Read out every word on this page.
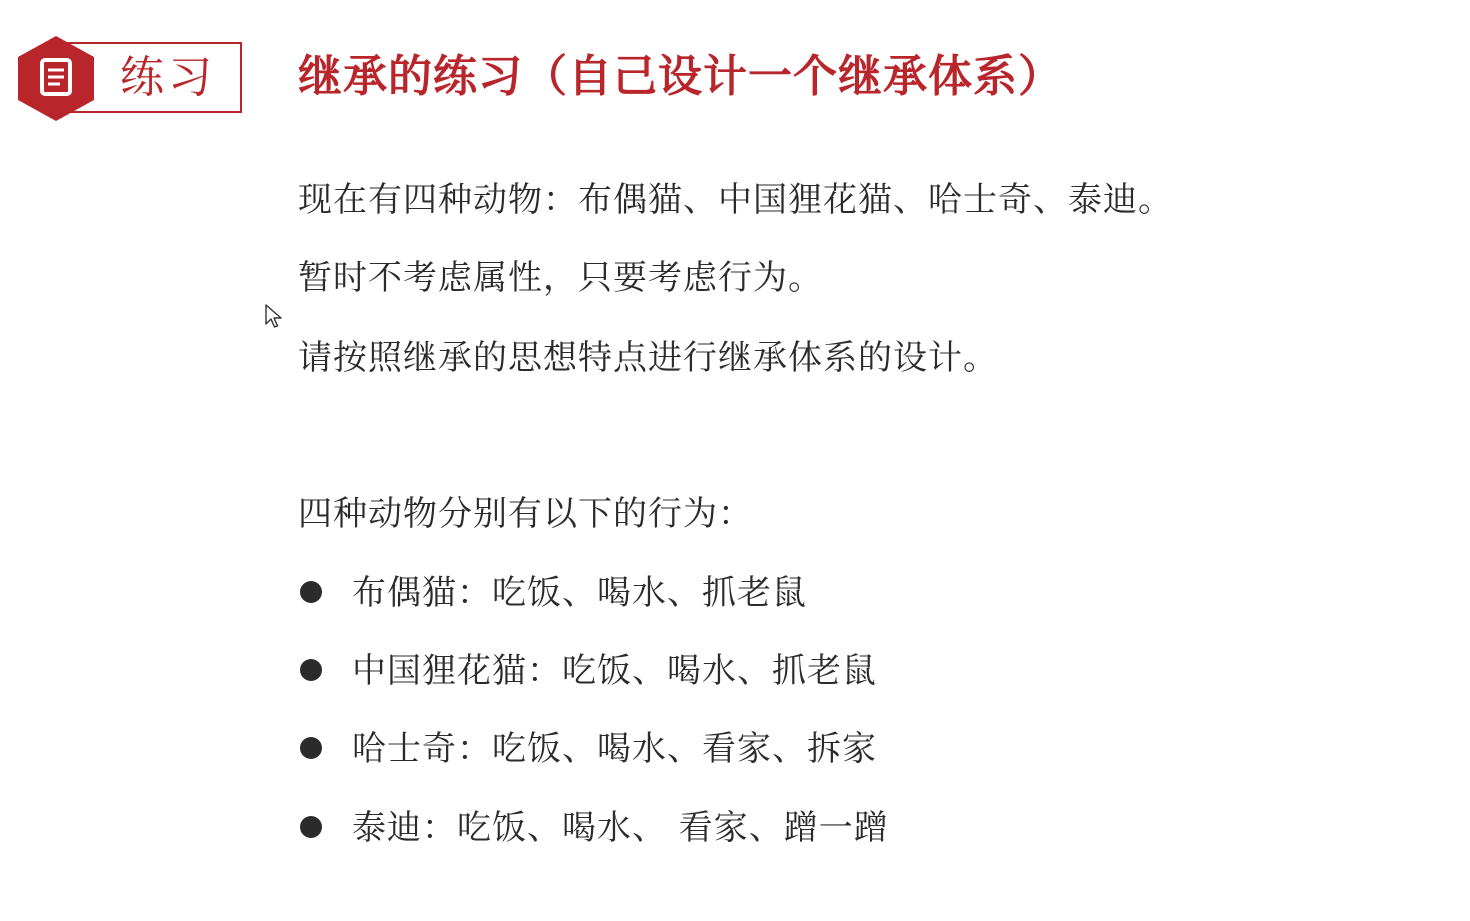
练习 继承的练习（自己设计一个继承体系）
现在有四种动物：布偶猫、中国狸花猫、哈士奇、泰迪。
暂时不考虑属性，只要考虑行为。
请按照继承的思想特点进行继承体系的设计。
四种动物分别有以下的行为：
布偶猫：吃饭、喝水、抓老鼠
中国狸花猫：吃饭、喝水、抓老鼠
哈士奇：吃饭、喝水、看家、拆家
泰迪：吃饭、喝水、 看家、蹭一蹭
